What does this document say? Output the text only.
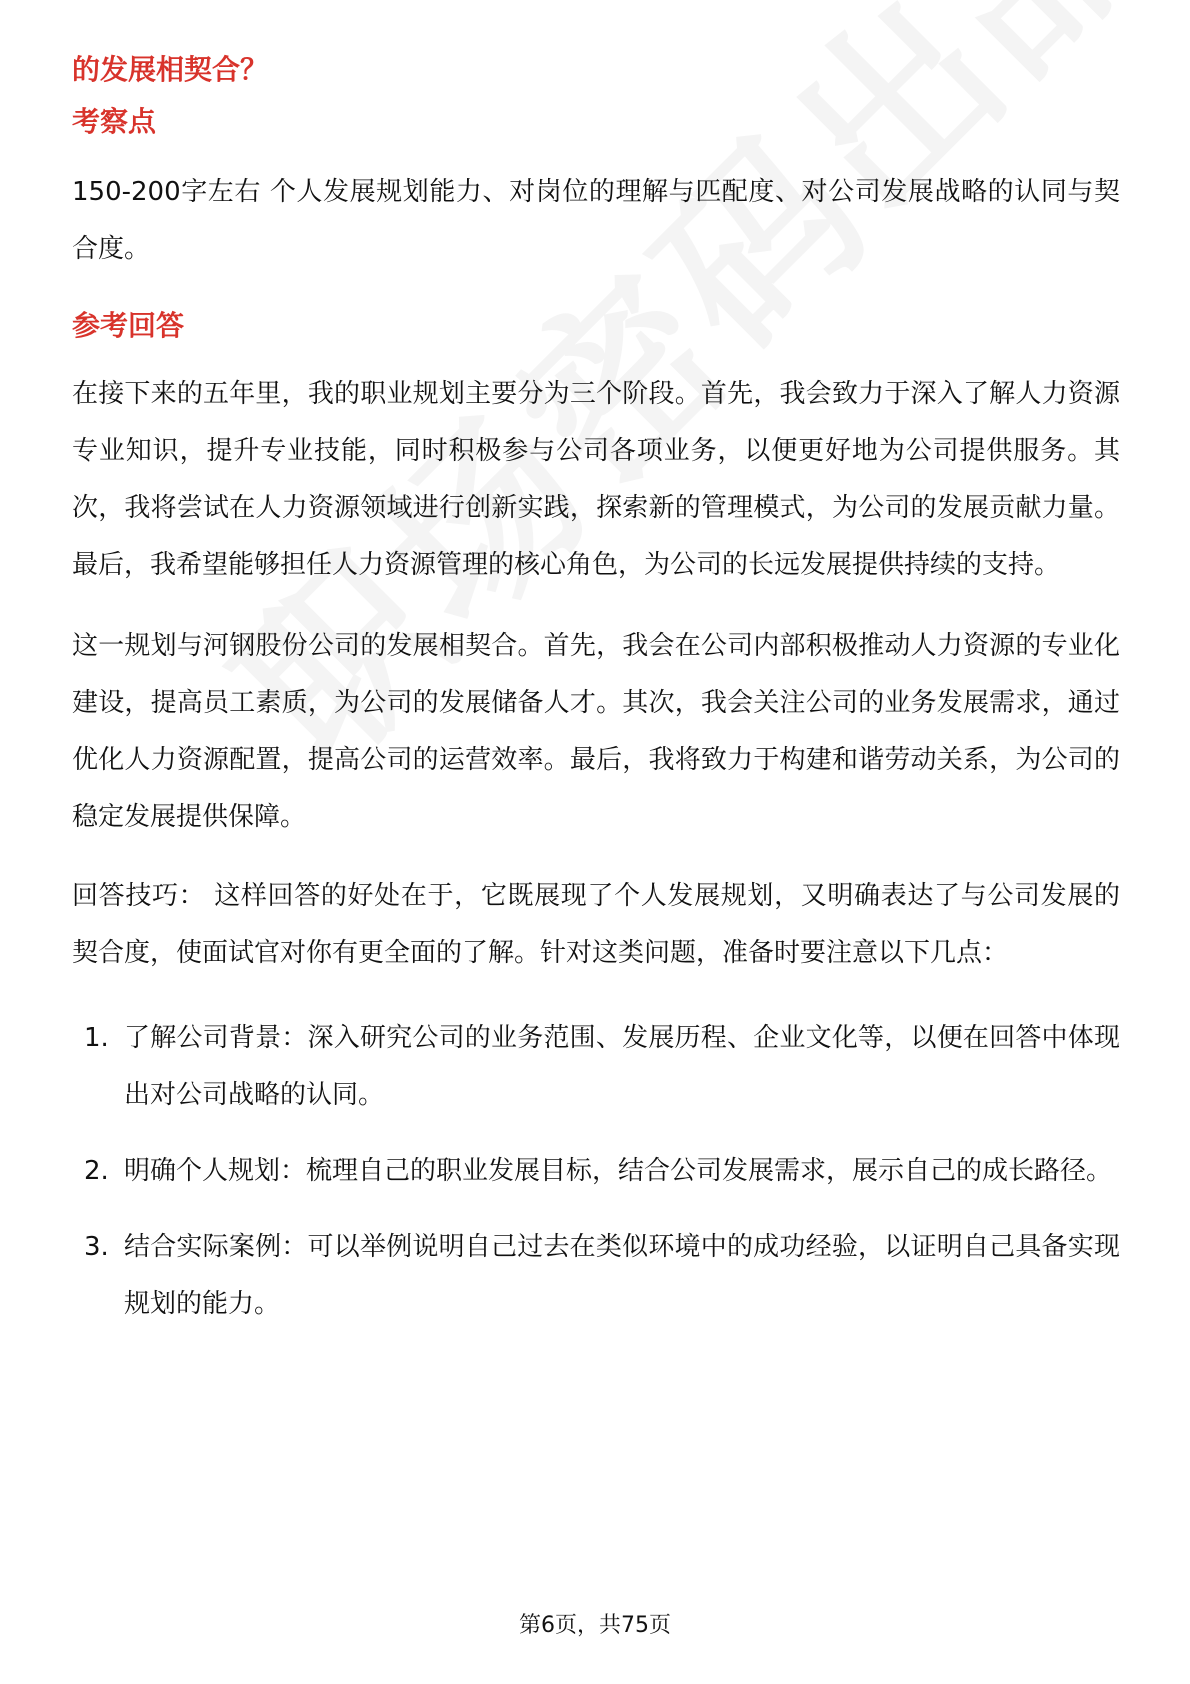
的发展相契合？
考察点

150-200字左右 个人发展规划能力、对岗位的理解与匹配度、对公司发展战略的认同与契合度。

参考回答

在接下来的五年里，我的职业规划主要分为三个阶段。首先，我会致力于深入了解人力资源专业知识，提升专业技能，同时积极参与公司各项业务，以便更好地为公司提供服务。其次，我将尝试在人力资源领域进行创新实践，探索新的管理模式，为公司的发展贡献力量。最后，我希望能够担任人力资源管理的核心角色，为公司的长远发展提供持续的支持。

这一规划与河钢股份公司的发展相契合。首先，我会在公司内部积极推动人力资源的专业化建设，提高员工素质，为公司的发展储备人才。其次，我会关注公司的业务发展需求，通过优化人力资源配置，提高公司的运营效率。最后，我将致力于构建和谐劳动关系，为公司的稳定发展提供保障。

回答技巧： 这样回答的好处在于，它既展现了个人发展规划，又明确表达了与公司发展的契合度，使面试官对你有更全面的了解。针对这类问题，准备时要注意以下几点：

1. 了解公司背景：深入研究公司的业务范围、发展历程、企业文化等，以便在回答中体现出对公司战略的认同。
2. 明确个人规划：梳理自己的职业发展目标，结合公司发展需求，展示自己的成长路径。
3. 结合实际案例：可以举例说明自己过去在类似环境中的成功经验，以证明自己具备实现规划的能力。
第6页，共75页
